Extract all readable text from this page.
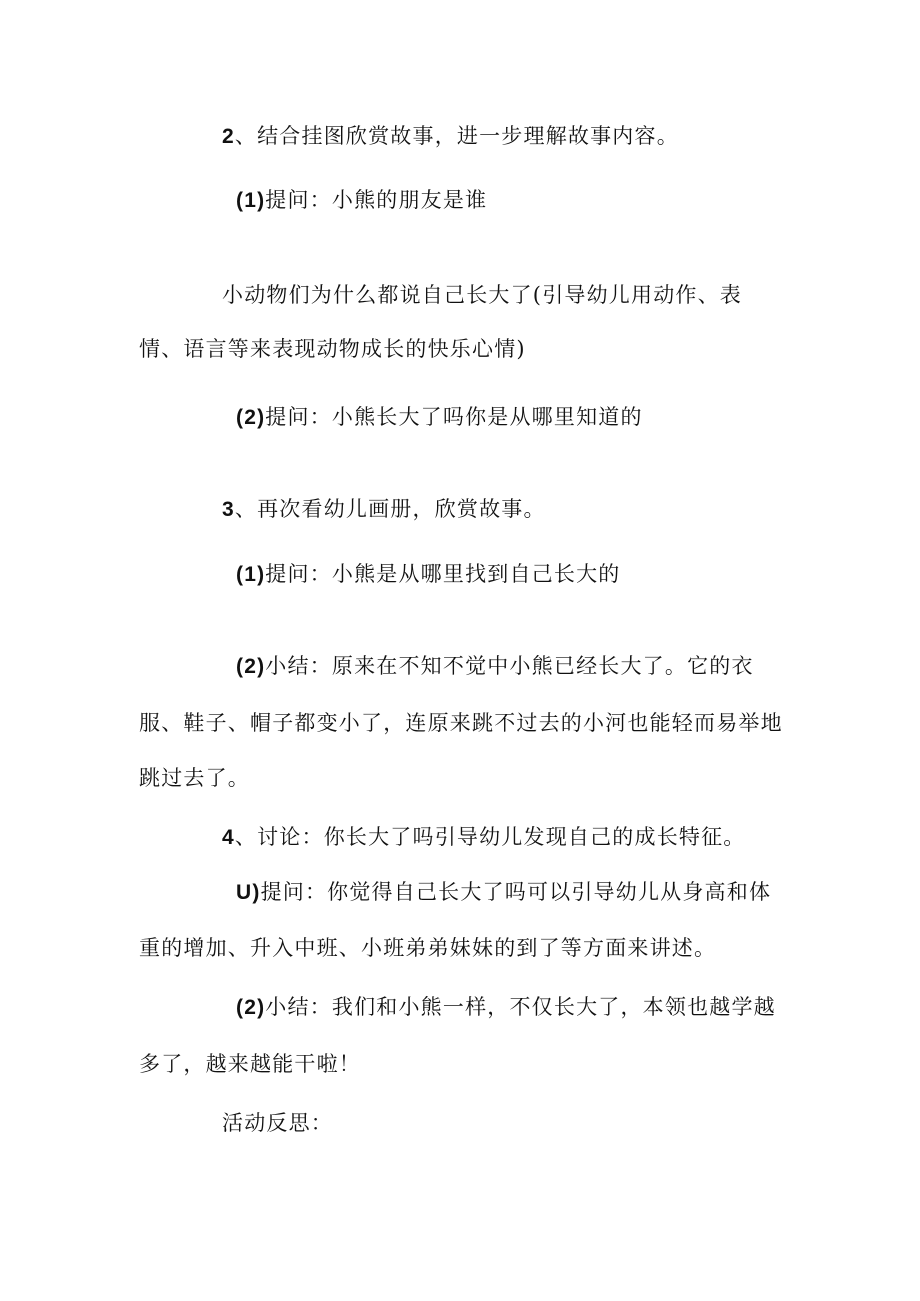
2、结合挂图欣赏故事，进一步理解故事内容。
(1)提问：小熊的朋友是谁
小动物们为什么都说自己长大了(引导幼儿用动作、表
情、语言等来表现动物成长的快乐心情)
(2)提问：小熊长大了吗你是从哪里知道的
3、再次看幼儿画册，欣赏故事。
(1)提问：小熊是从哪里找到自己长大的
(2)小结：原来在不知不觉中小熊已经长大了。它的衣
服、鞋子、帽子都变小了，连原来跳不过去的小河也能轻而易举地
跳过去了。
4、讨论：你长大了吗引导幼儿发现自己的成长特征。
U)提问：你觉得自己长大了吗可以引导幼儿从身高和体
重的增加、升入中班、小班弟弟妹妹的到了等方面来讲述。
(2)小结：我们和小熊一样，不仅长大了，本领也越学越
多了，越来越能干啦！
活动反思：
